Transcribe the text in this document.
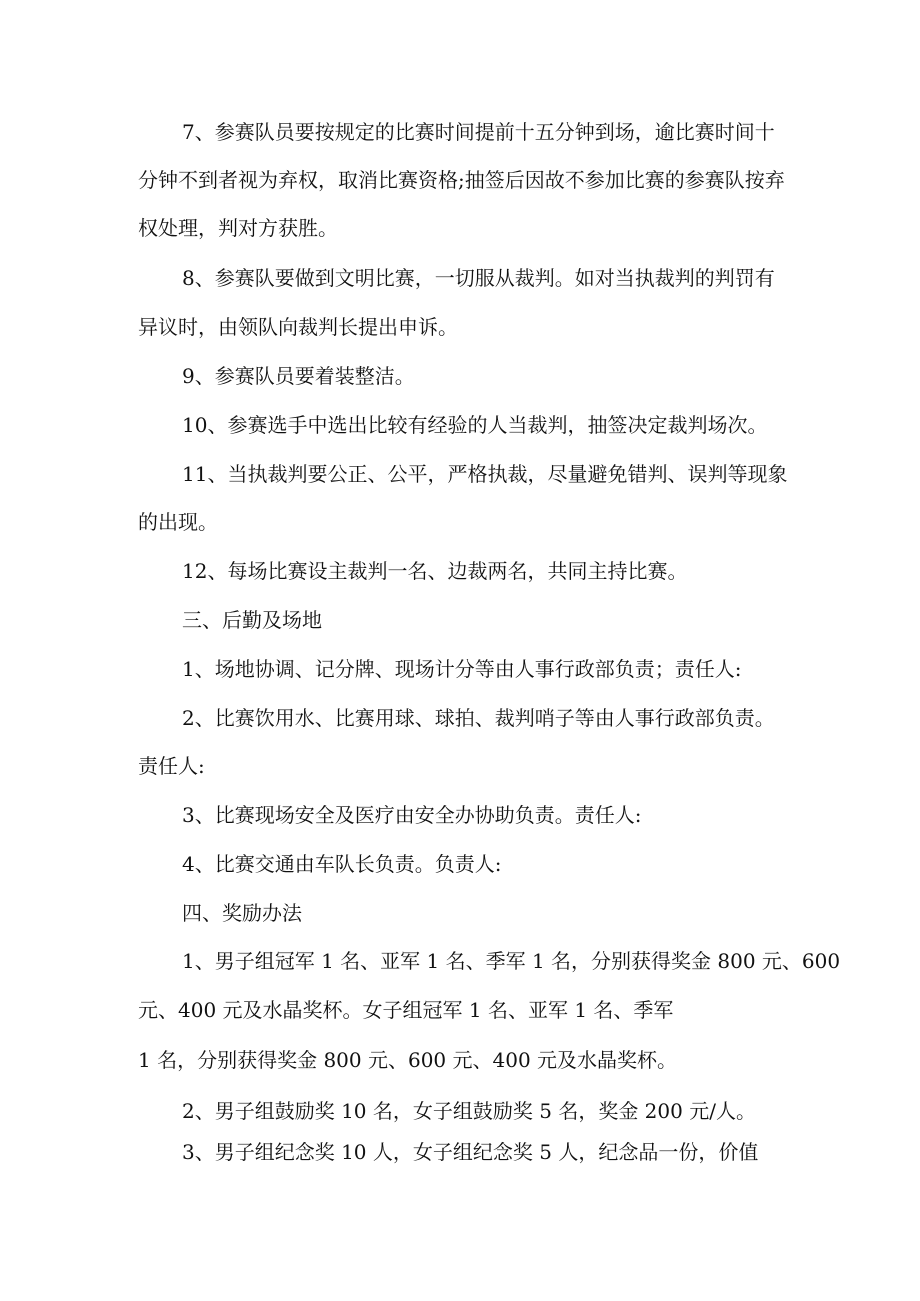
7、参赛队员要按规定的比赛时间提前十五分钟到场，逾比赛时间十

分钟不到者视为弃权，取消比赛资格;抽签后因故不参加比赛的参赛队按弃

权处理，判对方获胜。

8、参赛队要做到文明比赛，一切服从裁判。如对当执裁判的判罚有

异议时，由领队向裁判长提出申诉。

9、参赛队员要着装整洁。

10、参赛选手中选出比较有经验的人当裁判，抽签决定裁判场次。

11、当执裁判要公正、公平，严格执裁，尽量避免错判、误判等现象

的出现。

12、每场比赛设主裁判一名、边裁两名，共同主持比赛。

三、后勤及场地

1、场地协调、记分牌、现场计分等由人事行政部负责；责任人:

2、比赛饮用水、比赛用球、球拍、裁判哨子等由人事行政部负责。

责任人:

3、比赛现场安全及医疗由安全办协助负责。责任人:

4、比赛交通由车队长负责。负责人:

四、奖励办法

1、男子组冠军 1 名、亚军 1 名、季军 1 名，分别获得奖金 800 元、600

元、400 元及水晶奖杯。女子组冠军 1 名、亚军 1 名、季军

1 名，分别获得奖金 800 元、600 元、400 元及水晶奖杯。

2、男子组鼓励奖 10 名，女子组鼓励奖 5 名，奖金 200 元/人。

3、男子组纪念奖 10 人，女子组纪念奖 5 人，纪念品一份，价值
